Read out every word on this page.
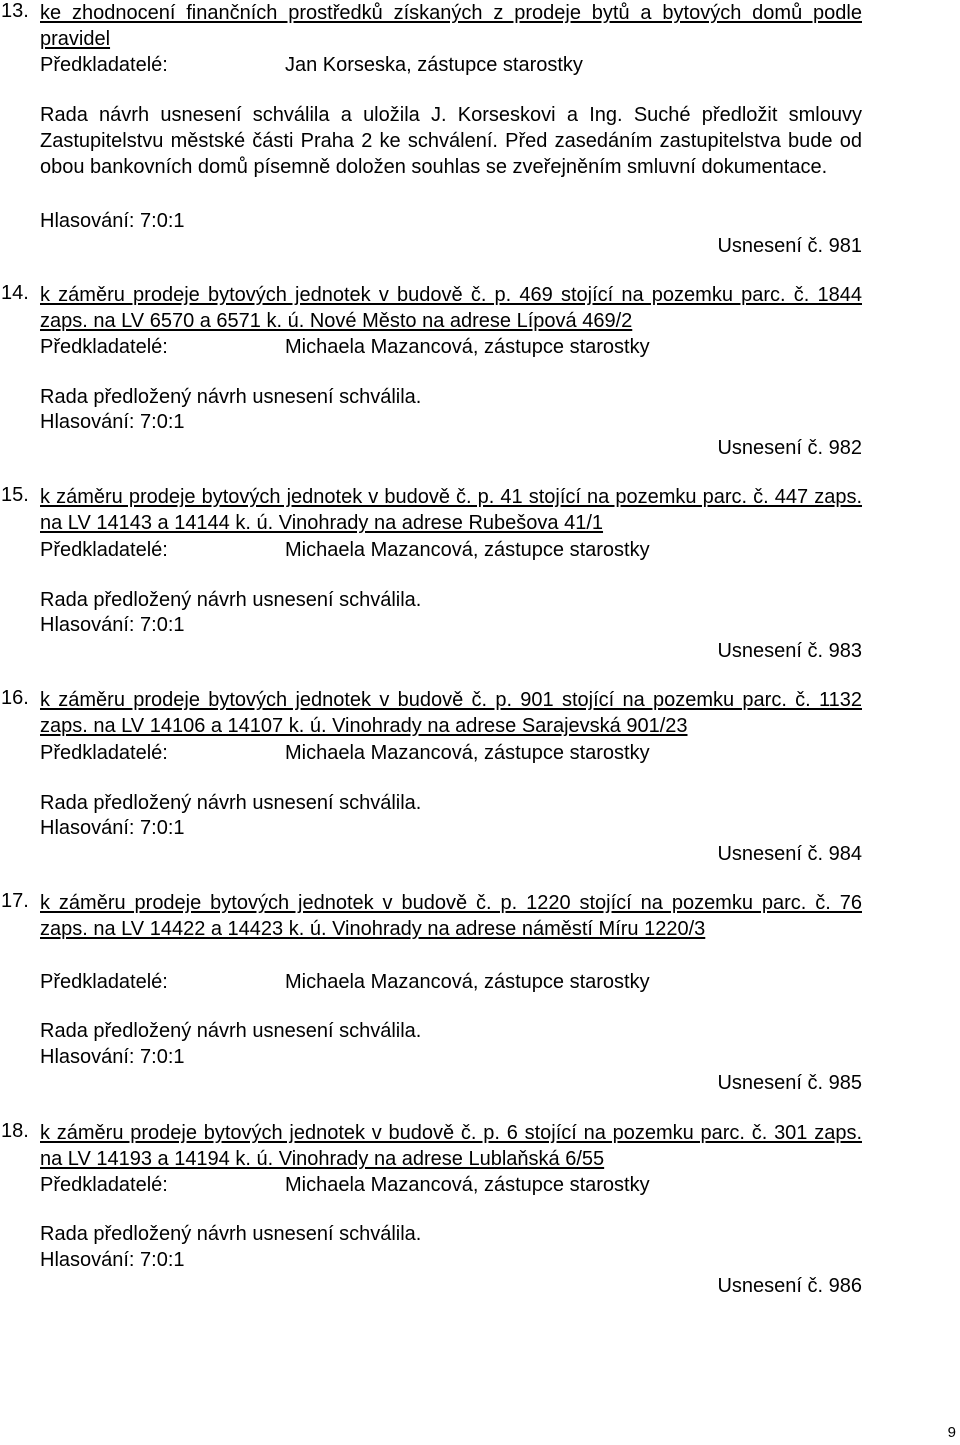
13. ke zhodnocení finančních prostředků získaných z prodeje bytů a bytových domů podle pravidel
Předkladatelé:	Jan Korseska, zástupce starostky
Rada návrh usnesení schválila a uložila J. Korseskovi a Ing. Suché předložit smlouvy Zastupitelstvu městské části Praha 2 ke schválení. Před zasedáním zastupitelstva bude od obou bankovních domů písemně doložen souhlas se zveřejněním smluvní dokumentace.
Hlasování: 7:0:1
Usnesení č. 981
14. k záměru prodeje bytových jednotek v budově č. p. 469 stojící na pozemku parc. č. 1844 zaps. na LV 6570 a 6571 k. ú. Nové Město na adrese Lípová 469/2
Předkladatelé:	Michaela Mazancová, zástupce starostky
Rada předložený návrh usnesení schválila.
Hlasování: 7:0:1
Usnesení č. 982
15. k záměru prodeje bytových jednotek v budově č. p. 41 stojící na pozemku parc. č. 447 zaps. na LV 14143 a 14144 k. ú. Vinohrady na adrese Rubešova 41/1
Předkladatelé:	Michaela Mazancová, zástupce starostky
Rada předložený návrh usnesení schválila.
Hlasování: 7:0:1
Usnesení č. 983
16. k záměru prodeje bytových jednotek v budově č. p. 901 stojící na pozemku parc. č. 1132 zaps. na LV 14106 a 14107 k. ú. Vinohrady na adrese Sarajevská 901/23
Předkladatelé:	Michaela Mazancová, zástupce starostky
Rada předložený návrh usnesení schválila.
Hlasování: 7:0:1
Usnesení č. 984
17. k záměru prodeje bytových jednotek v budově č. p. 1220 stojící na pozemku parc. č. 76 zaps. na LV 14422 a 14423 k. ú. Vinohrady na adrese náměstí Míru 1220/3
Předkladatelé:	Michaela Mazancová, zástupce starostky
Rada předložený návrh usnesení schválila.
Hlasování: 7:0:1
Usnesení č. 985
18. k záměru prodeje bytových jednotek v budově č. p. 6 stojící na pozemku parc. č. 301 zaps. na LV 14193 a 14194 k. ú. Vinohrady na adrese Lublaňská 6/55
Předkladatelé:	Michaela Mazancová, zástupce starostky
Rada předložený návrh usnesení schválila.
Hlasování: 7:0:1
Usnesení č. 986
9
